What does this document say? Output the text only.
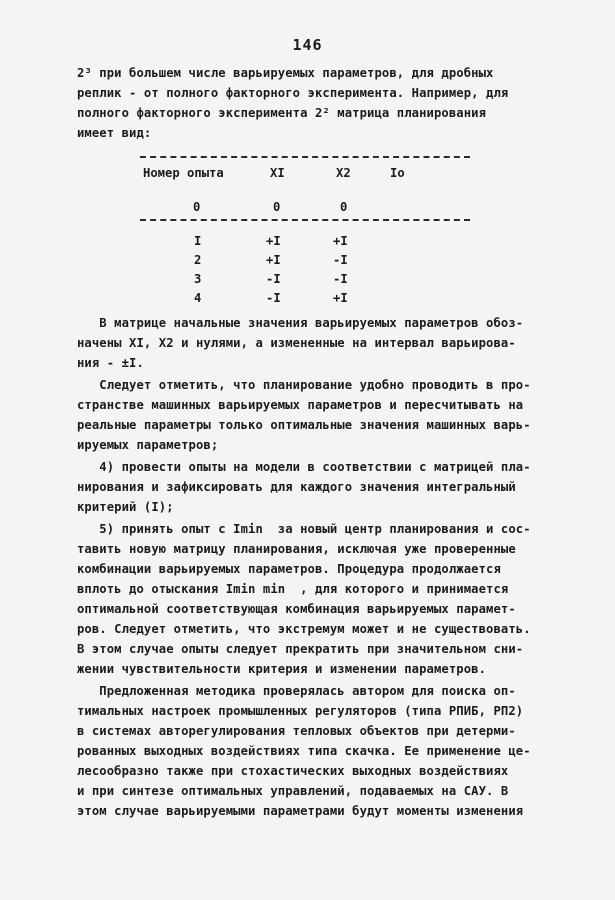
146
2³ при большем числе варьируемых параметров, для дробных
реплик - от полного факторного эксперимента. Например, для
полного факторного эксперимента 2² матрица планирования
имеет вид:
Номер опыта	XI	X2	Io
0	0	0
I	+I	+I
2	+I	-I
3	-I	-I
4	-I	+I
В матрице начальные значения варьируемых параметров обоз-
начены XI, X2 и нулями, а измененные на интервал варьирова-
ния - ±I.
Следует отметить, что планирование удобно проводить в про-
странстве машинных варьируемых параметров и пересчитывать на
реальные параметры только оптимальные значения машинных варь-
ируемых параметров;
4) провести опыты на модели в соответствии с матрицей пла-
нирования и зафиксировать для каждого значения интегральный
критерий (I);
5) принять опыт с Imin  за новый центр планирования и сос-
тавить новую матрицу планирования, исключая уже проверенные
комбинации варьируемых параметров. Процедура продолжается
вплоть до отыскания Imin min  , для которого и принимается
оптимальной соответствующая комбинация варьируемых парамет-
ров. Следует отметить, что экстремум может и не существовать.
В этом случае опыты следует прекратить при значительном сни-
жении чувствительности критерия и изменении параметров.
Предложенная методика проверялась автором для поиска оп-
тимальных настроек промышленных регуляторов (типа РПИБ, РП2)
в системах авторегулирования тепловых объектов при детерми-
рованных выходных воздействиях типа скачка. Ее применение це-
лесообразно также при стохастических выходных воздействиях
и при синтезе оптимальных управлений, подаваемых на САУ. В
этом случае варьируемыми параметрами будут моменты изменения
